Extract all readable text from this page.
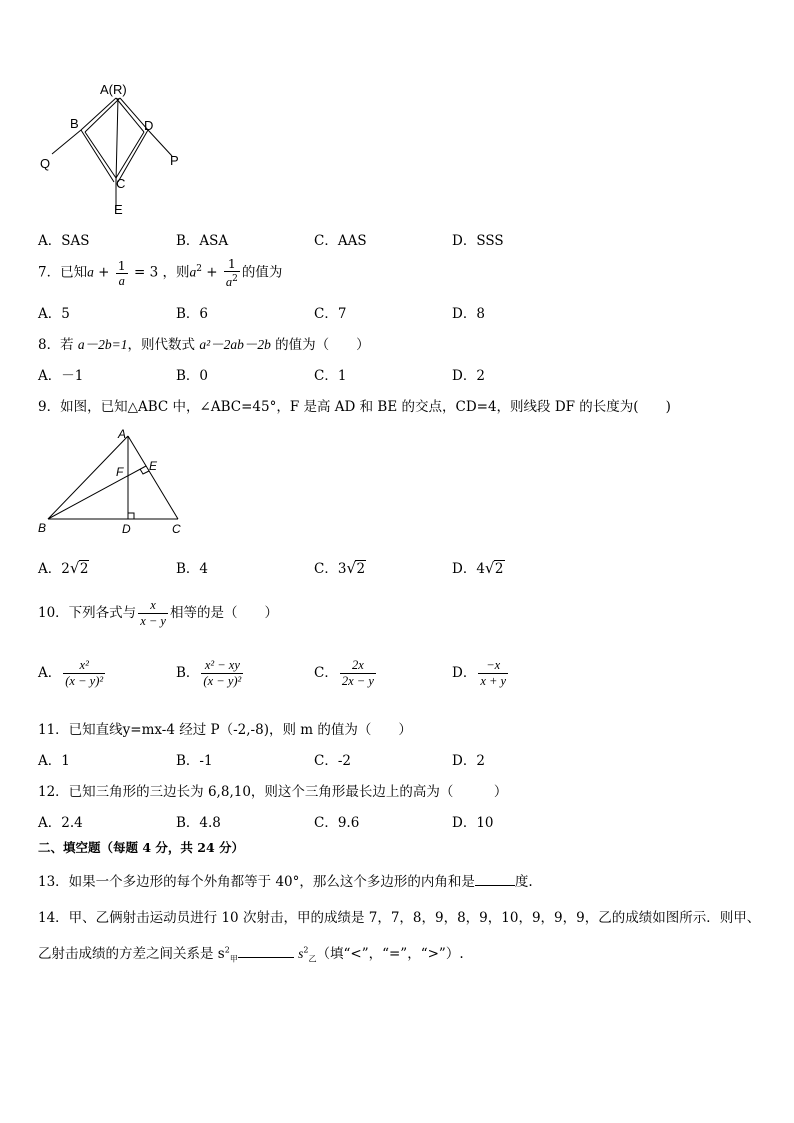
A(R)
B	D
Q	P
C
E
A．SAS	B．ASA	C．AAS	D．SSS
7．已知$a + \frac{1}{a} = 3$ ，则$a^2 + \frac{1}{a^2}$ 的值为
A．5	B．6	C．7	D．8
8．若 a－2b=1，则代数式 a²－2ab－2b 的值为（　　）
A．－1	B．0	C．1	D．2
9．如图，已知△ABC 中，∠ABC=45°，F 是高 AD 和 BE 的交点，CD=4，则线段 DF 的长度为(　　)
A
F E
B	D	C
A．2 √ 2	B．4	C．3 √ 2	D．4 √ 2
10．下列各式与 $\frac{x}{x - y}$ 相等的是（　　）
A． $\frac{\text{x²}}{\text{(x − y)²}}$	B． $\frac{\text{x² − xy}}{\text{(x − y)²}}$	C． $\frac{2x}{2x - y}$	D． $\frac{-x}{x + y}$
11．已知直线y=mx-4 经过 P（-2,-8)，则 m 的值为（　　）
A．1	B．-1	C．-2	D．2
12．已知三角形的三边长为 6,8,10，则这个三角形最长边上的高为（　　　）
A．2.4	B．4.8	C．9.6	D．10
二、填空题（每题 4 分，共 24 分）
13．如果一个多边形的每个外角都等于 40°，那么这个多边形的内角和是	度.
14．甲、乙俩射击运动员进行 10 次射击，甲的成绩是 7，7，8，9，8，9，10，9，9，9，乙的成绩如图所示．则甲、
乙射击成绩的方差之间关系是 $s^2_甲$	$s^2_乙$（填“<”，“=”，“>”）.
